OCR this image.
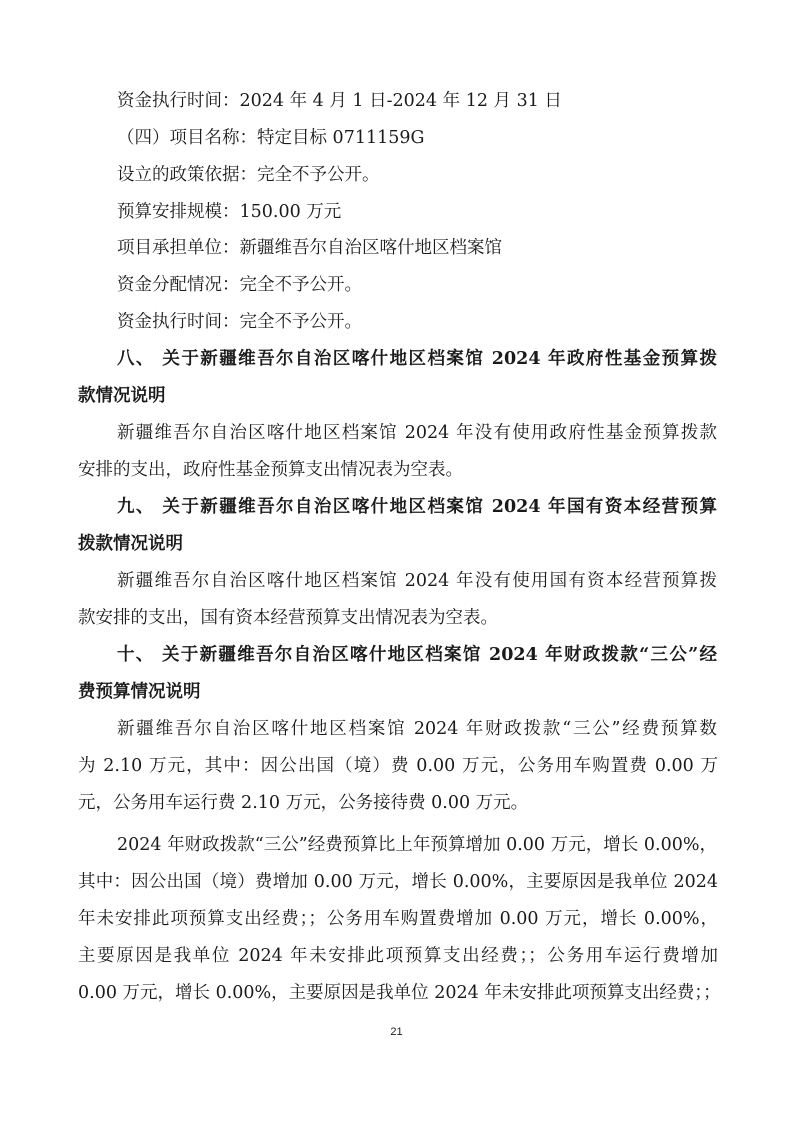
资金执行时间：2024 年 4 月 1 日-2024 年 12 月 31 日
（四）项目名称：特定目标 0711159G
设立的政策依据：完全不予公开。
预算安排规模：150.00 万元
项目承担单位：新疆维吾尔自治区喀什地区档案馆
资金分配情况：完全不予公开。
资金执行时间：完全不予公开。
八、 关于新疆维吾尔自治区喀什地区档案馆 2024 年政府性基金预算拨
款情况说明
新疆维吾尔自治区喀什地区档案馆 2024 年没有使用政府性基金预算拨款
安排的支出，政府性基金预算支出情况表为空表。
九、 关于新疆维吾尔自治区喀什地区档案馆 2024 年国有资本经营预算
拨款情况说明
新疆维吾尔自治区喀什地区档案馆 2024 年没有使用国有资本经营预算拨
款安排的支出，国有资本经营预算支出情况表为空表。
十、 关于新疆维吾尔自治区喀什地区档案馆 2024 年财政拨款“三公”经
费预算情况说明
新疆维吾尔自治区喀什地区档案馆 2024 年财政拨款“三公”经费预算数
为 2.10 万元，其中：因公出国（境）费 0.00 万元，公务用车购置费 0.00 万
元，公务用车运行费 2.10 万元，公务接待费 0.00 万元。
2024 年财政拨款“三公”经费预算比上年预算增加 0.00 万元，增长 0.00%，
其中：因公出国（境）费增加 0.00 万元，增长 0.00%，主要原因是我单位 2024
年未安排此项预算支出经费；；公务用车购置费增加 0.00 万元，增长 0.00%，
主要原因是我单位 2024 年未安排此项预算支出经费；；公务用车运行费增加
0.00 万元，增长 0.00%，主要原因是我单位 2024 年未安排此项预算支出经费；；
21
